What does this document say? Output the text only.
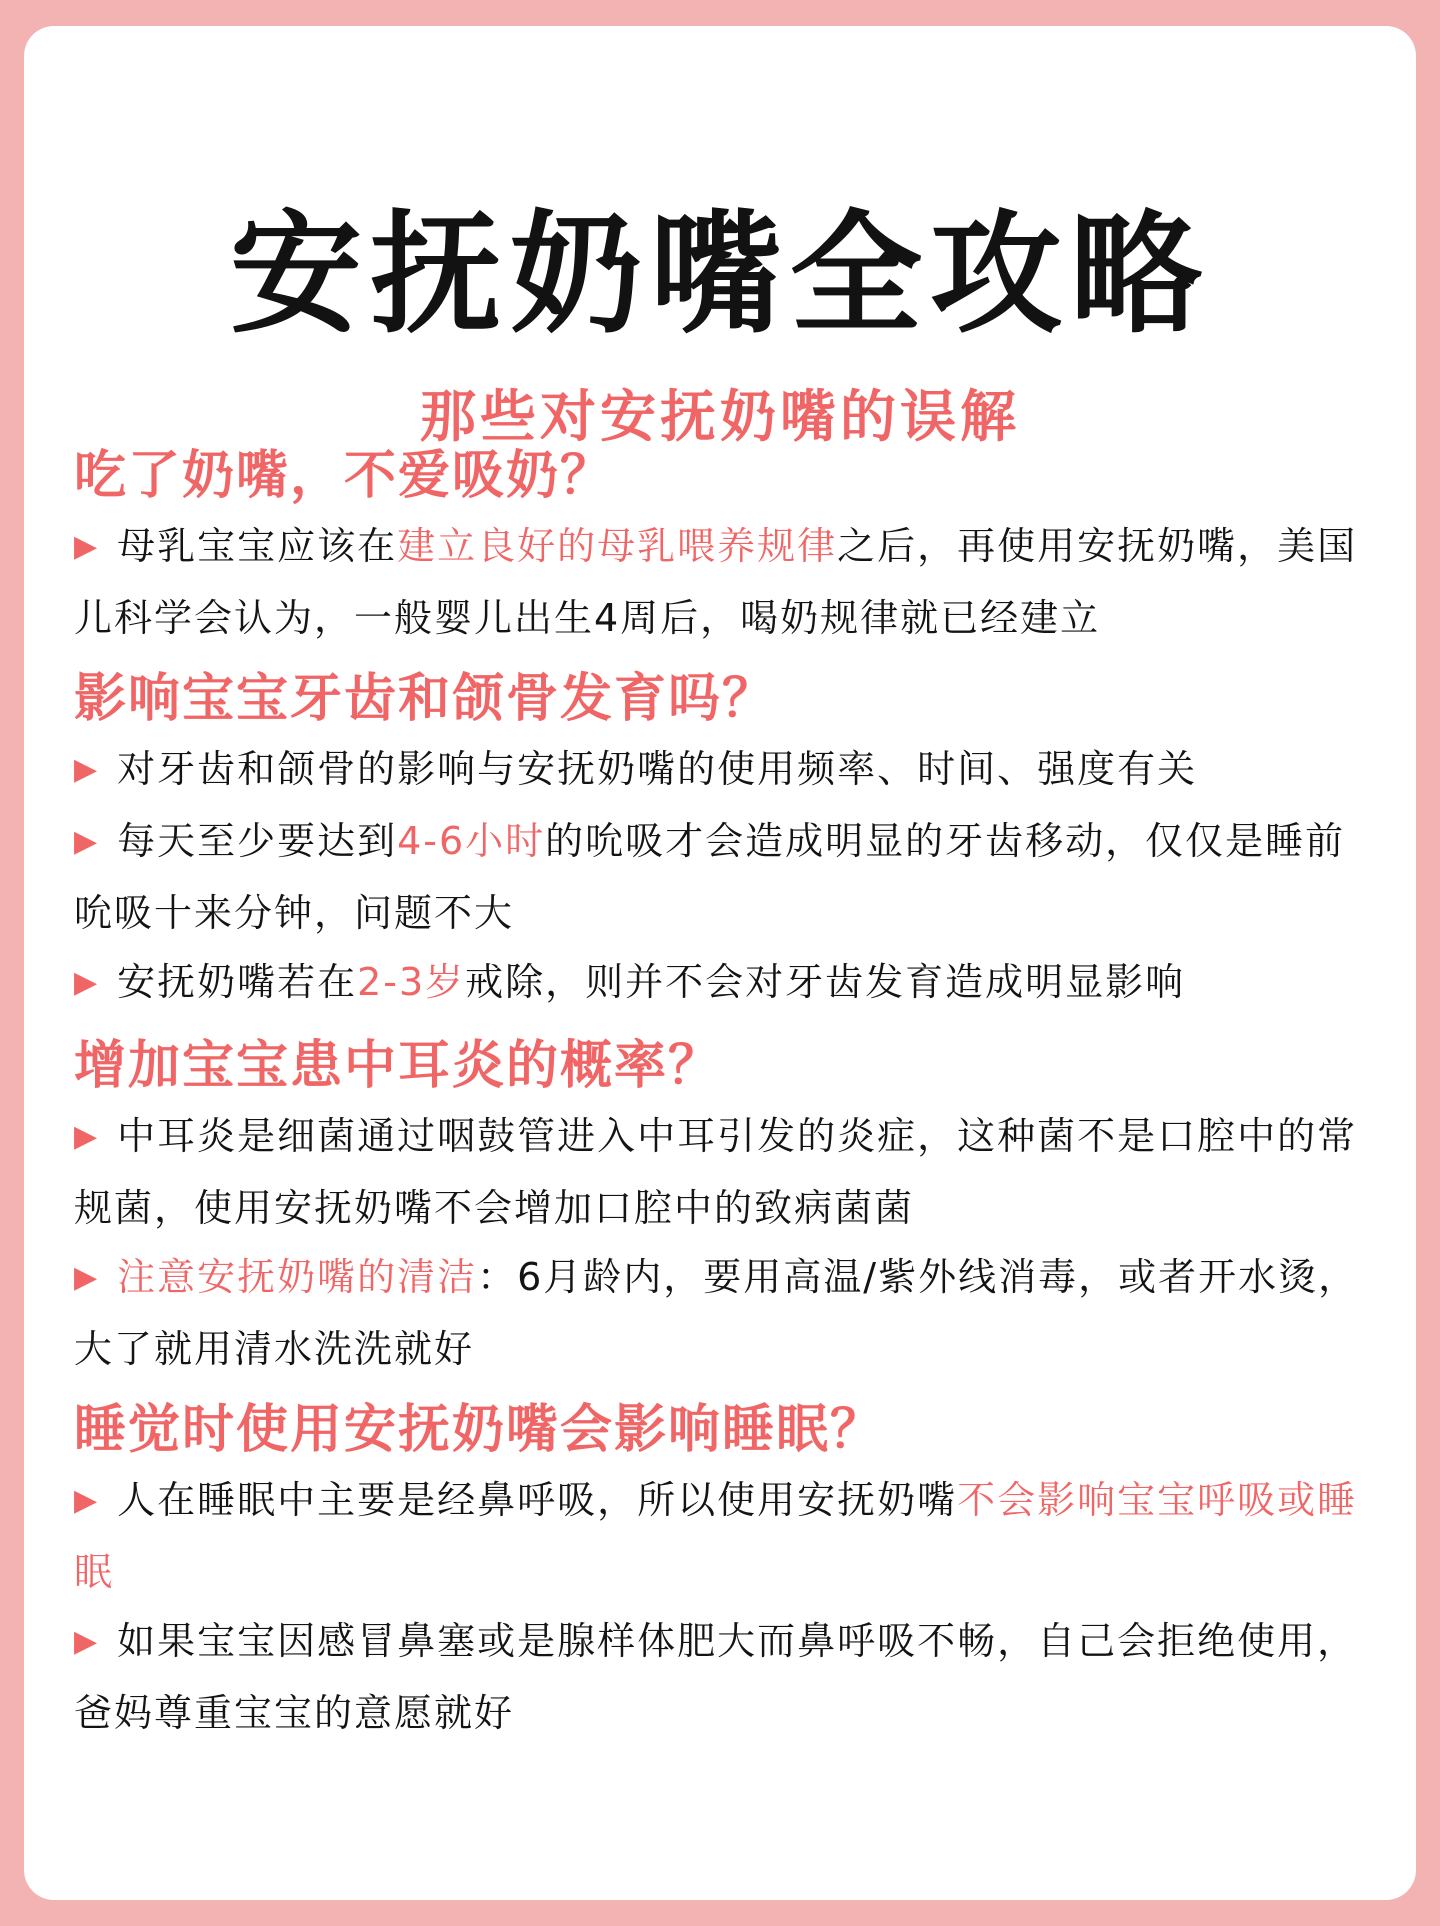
安抚奶嘴全攻略
那些对安抚奶嘴的误解
吃了奶嘴，不爱吸奶？
▶ 母乳宝宝应该在建立良好的母乳喂养规律之后，再使用安抚奶嘴，美国儿科学会认为，一般婴儿出生4周后，喝奶规律就已经建立
影响宝宝牙齿和颌骨发育吗？
▶ 对牙齿和颌骨的影响与安抚奶嘴的使用频率、时间、强度有关
▶ 每天至少要达到4-6小时的吮吸才会造成明显的牙齿移动，仅仅是睡前吮吸十来分钟，问题不大
▶ 安抚奶嘴若在2-3岁戒除，则并不会对牙齿发育造成明显影响
增加宝宝患中耳炎的概率？
▶ 中耳炎是细菌通过咽鼓管进入中耳引发的炎症，这种菌不是口腔中的常规菌，使用安抚奶嘴不会增加口腔中的致病菌菌
▶ 注意安抚奶嘴的清洁：6月龄内，要用高温/紫外线消毒，或者开水烫，大了就用清水洗洗就好
睡觉时使用安抚奶嘴会影响睡眠？
▶ 人在睡眠中主要是经鼻呼吸，所以使用安抚奶嘴不会影响宝宝呼吸或睡眠
▶ 如果宝宝因感冒鼻塞或是腺样体肥大而鼻呼吸不畅，自己会拒绝使用，爸妈尊重宝宝的意愿就好
